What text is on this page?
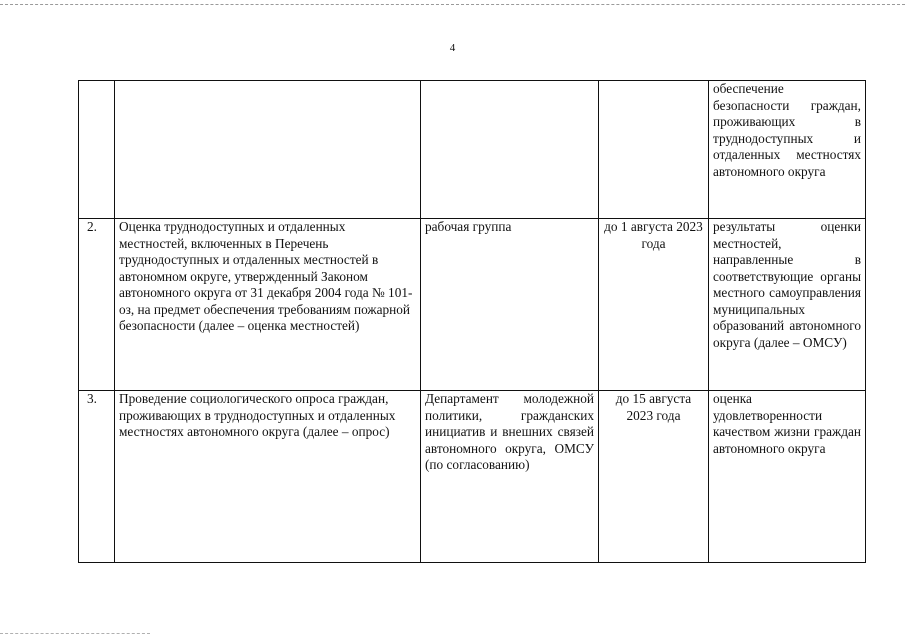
4
				обеспечение безопасности граждан, проживающих в труднодоступных и отдаленных местностях автономного округа
2.	Оценка труднодоступных и отдаленных местностей, включенных в Перечень труднодоступных и отдаленных местностей в автономном округе, утвержденный Законом автономного округа от 31 декабря 2004 года № 101-оз, на предмет обеспечения требованиям пожарной безопасности (далее – оценка местностей)	рабочая группа	до 1 августа 2023 года	результаты оценки местностей, направленные в соответствующие органы местного самоуправления муниципальных образований автономного округа (далее – ОМСУ)
3.	Проведение социологического опроса граждан, проживающих в труднодоступных и отдаленных местностях автономного округа (далее – опрос)	Департамент молодежной политики, гражданских инициатив и внешних связей автономного округа, ОМСУ (по согласованию)	до 15 августа 2023 года	оценка удовлетворенности качеством жизни граждан автономного округа
